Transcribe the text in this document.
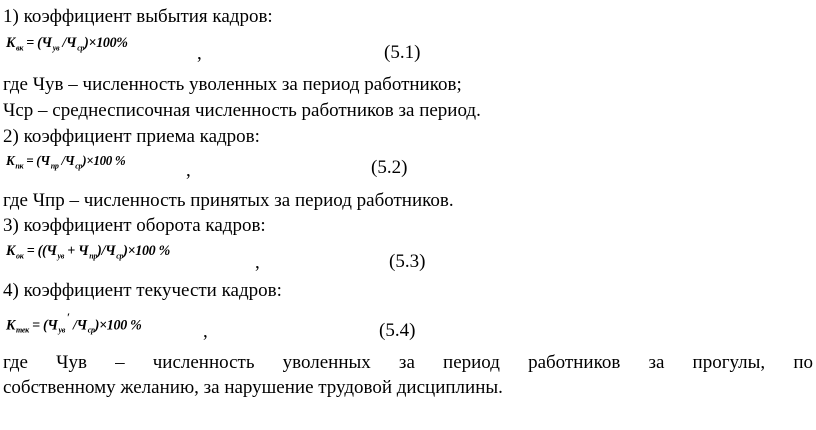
1) коэффициент выбытия кадров:
$K_{вк} = (Ч_{ув}$ $/Ч_{ср})\times 100\%$	,	(5.1)
где Чув – численность уволенных за период работников;
Чср – среднесписочная численность работников за период.
2) коэффициент приема кадров:
$K_{пк} = (Ч_{пр}$ $/Ч_{ср})\times 100$ %	,	(5.2)
где Чпр – численность принятых за период работников.
3) коэффициент оборота кадров:
$K_{ок} = ((Ч_{ув} + Ч_{пр})/Ч_{ср})\times 100$ %
,	(5.3)
4) коэффициент текучести кадров:
$K_{тек} = (Ч_{ув}'$ $/Ч_{ср})\times 100$ %	,	(5.4)
где Чув – численность уволенных за период работников за прогулы, по
собственному желанию, за нарушение трудовой дисциплины.
